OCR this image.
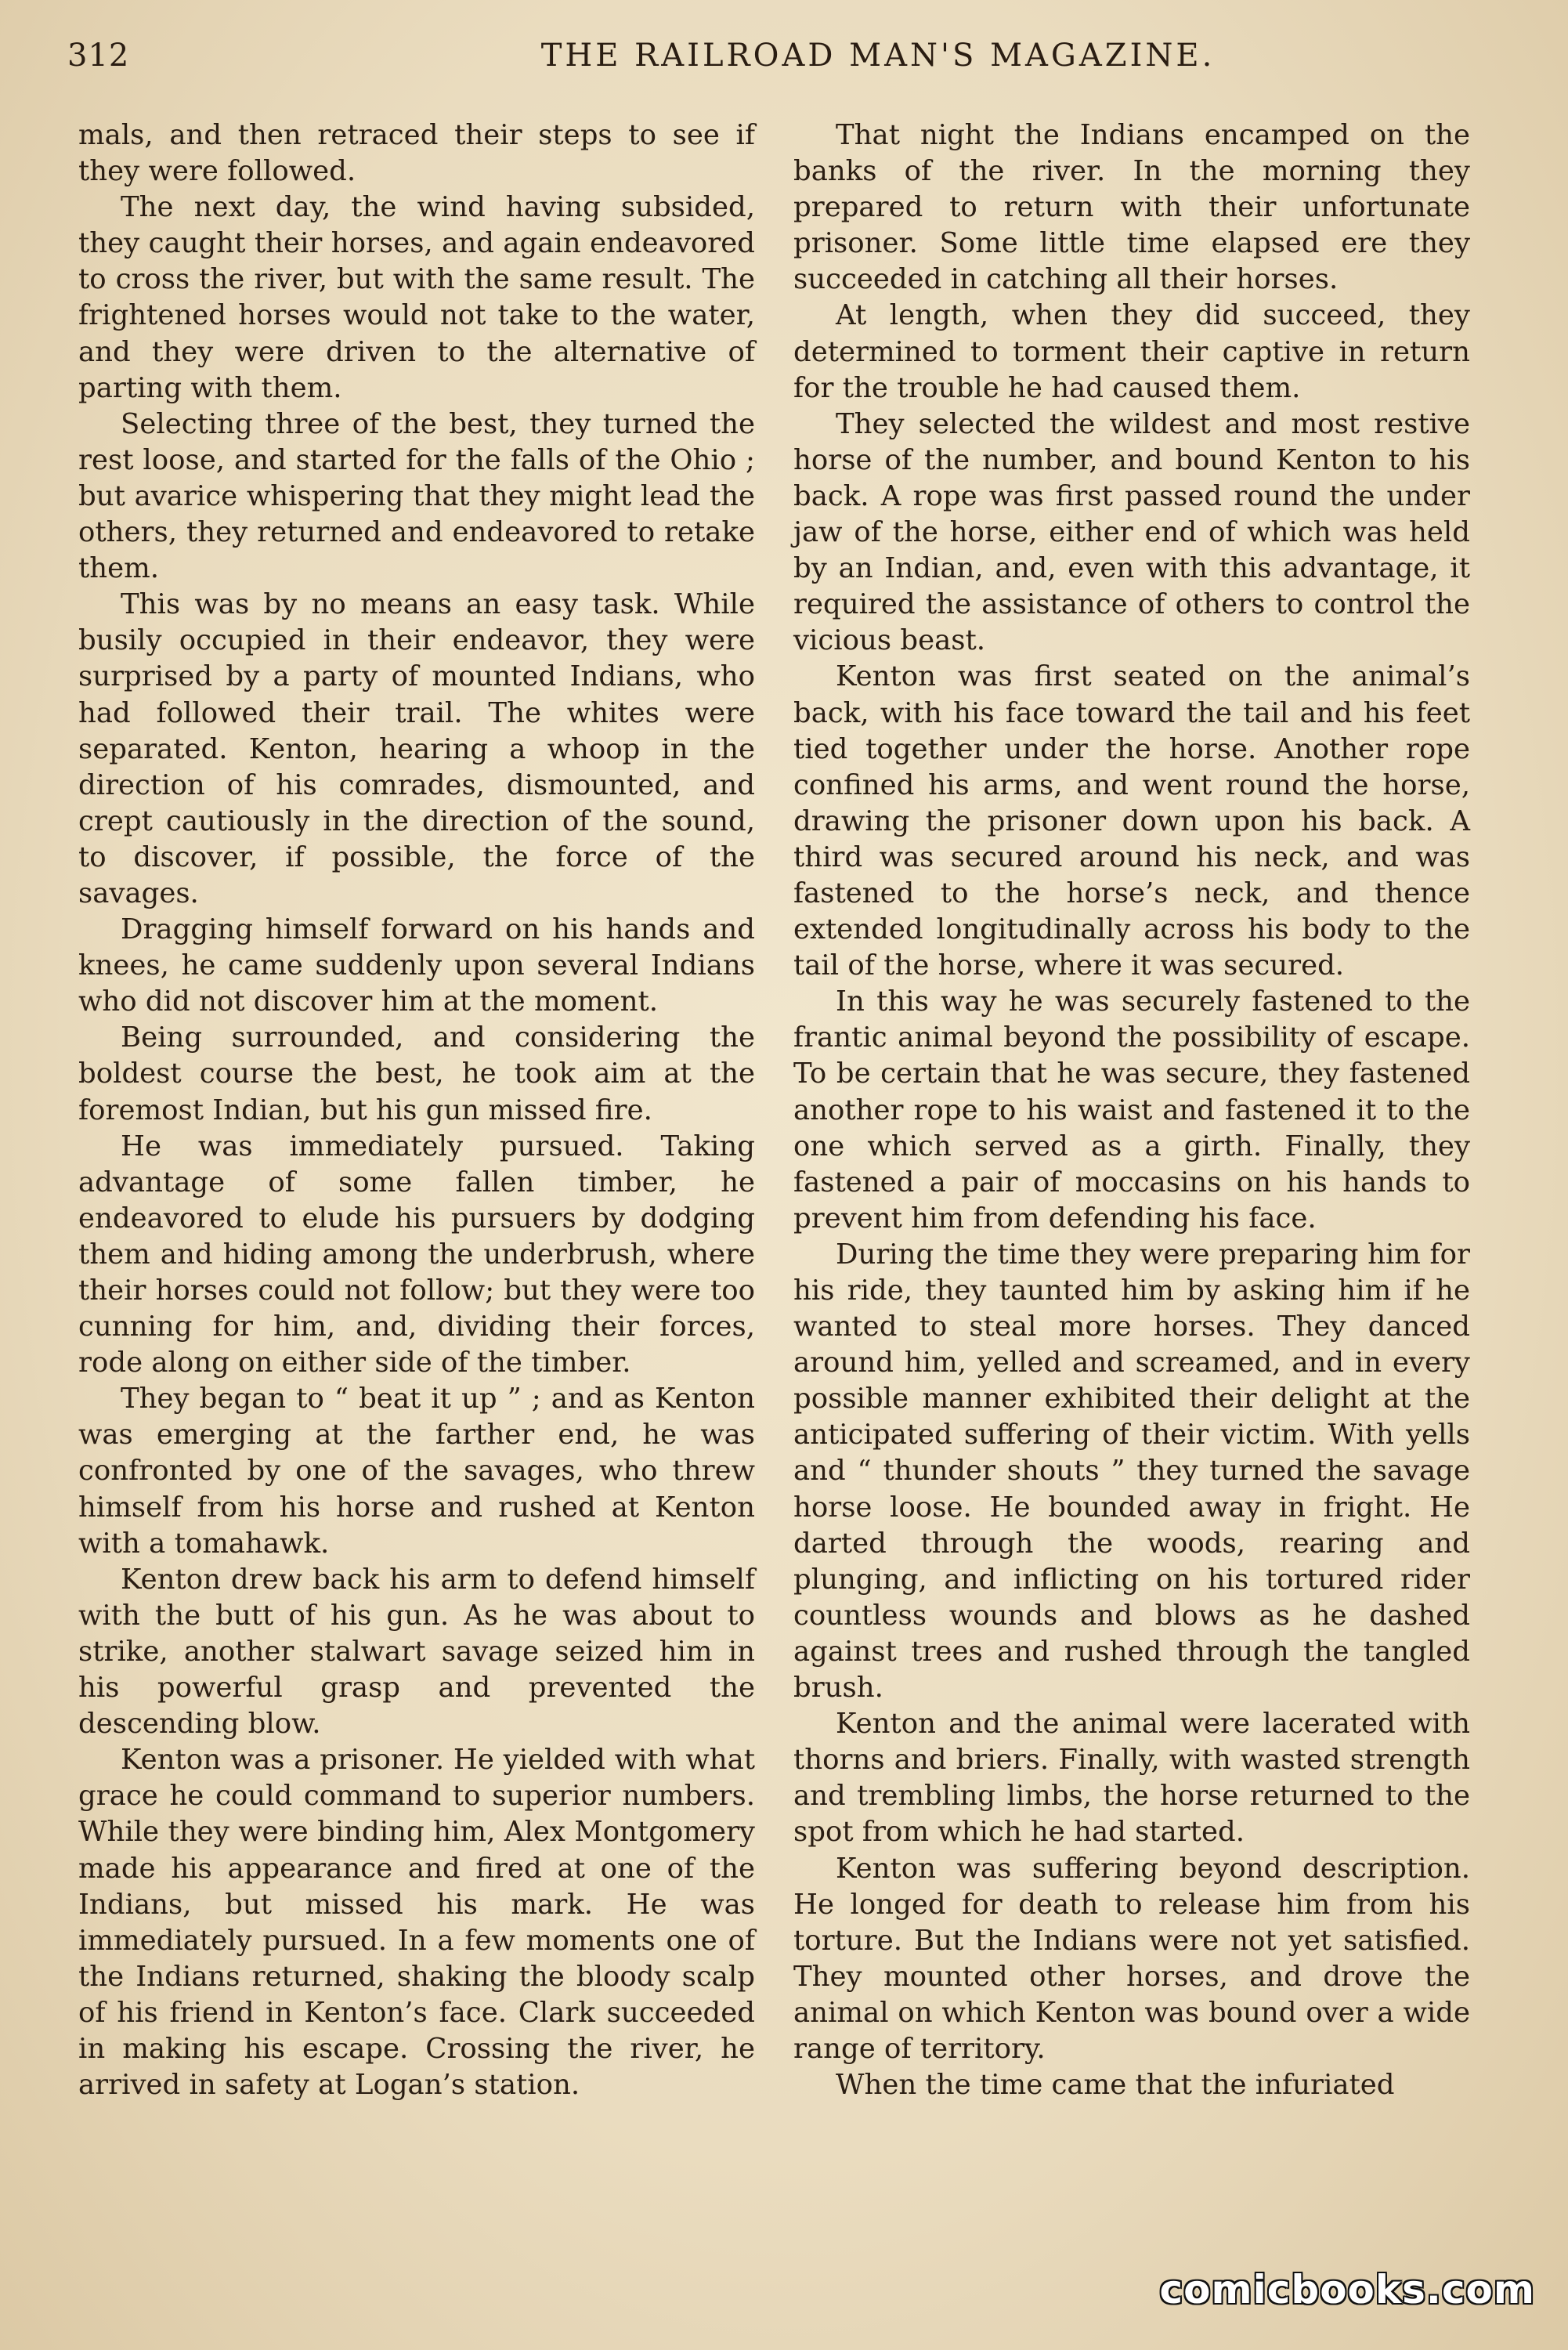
312	THE RAILROAD MAN'S MAGAZINE.

mals, and then retraced their steps to see if they were followed.

The next day, the wind having subsided, they caught their horses, and again endeavored to cross the river, but with the same result. The frightened horses would not take to the water, and they were driven to the alternative of parting with them.

Selecting three of the best, they turned the rest loose, and started for the falls of the Ohio ; but avarice whispering that they might lead the others, they returned and endeavored to retake them.

This was by no means an easy task. While busily occupied in their endeavor, they were surprised by a party of mounted Indians, who had followed their trail. The whites were separated. Kenton, hearing a whoop in the direction of his comrades, dismounted, and crept cautiously in the direction of the sound, to discover, if possible, the force of the savages.

Dragging himself forward on his hands and knees, he came suddenly upon several Indians who did not discover him at the moment.

Being surrounded, and considering the boldest course the best, he took aim at the foremost Indian, but his gun missed fire.

He was immediately pursued. Taking advantage of some fallen timber, he endeavored to elude his pursuers by dodging them and hiding among the underbrush, where their horses could not follow; but they were too cunning for him, and, dividing their forces, rode along on either side of the timber.

They began to “ beat it up ” ; and as Kenton was emerging at the farther end, he was confronted by one of the savages, who threw himself from his horse and rushed at Kenton with a tomahawk.

Kenton drew back his arm to defend himself with the butt of his gun. As he was about to strike, another stalwart savage seized him in his powerful grasp and prevented the descending blow.

Kenton was a prisoner. He yielded with what grace he could command to superior numbers. While they were binding him, Alex Montgomery made his appearance and fired at one of the Indians, but missed his mark. He was immediately pursued. In a few moments one of the Indians returned, shaking the bloody scalp of his friend in Kenton’s face. Clark succeeded in making his escape. Crossing the river, he arrived in safety at Logan’s station.

That night the Indians encamped on the banks of the river. In the morning they prepared to return with their unfortunate prisoner. Some little time elapsed ere they succeeded in catching all their horses.

At length, when they did succeed, they determined to torment their captive in return for the trouble he had caused them.

They selected the wildest and most restive horse of the number, and bound Kenton to his back. A rope was first passed round the under jaw of the horse, either end of which was held by an Indian, and, even with this advantage, it required the assistance of others to control the vicious beast.

Kenton was first seated on the animal’s back, with his face toward the tail and his feet tied together under the horse. Another rope confined his arms, and went round the horse, drawing the prisoner down upon his back. A third was secured around his neck, and was fastened to the horse’s neck, and thence extended longitudinally across his body to the tail of the horse, where it was secured.

In this way he was securely fastened to the frantic animal beyond the possibility of escape. To be certain that he was secure, they fastened another rope to his waist and fastened it to the one which served as a girth. Finally, they fastened a pair of moccasins on his hands to prevent him from defending his face.

During the time they were preparing him for his ride, they taunted him by asking him if he wanted to steal more horses. They danced around him, yelled and screamed, and in every possible manner exhibited their delight at the anticipated suffering of their victim. With yells and “ thunder shouts ” they turned the savage horse loose. He bounded away in fright. He darted through the woods, rearing and plunging, and inflicting on his tortured rider countless wounds and blows as he dashed against trees and rushed through the tangled brush.

Kenton and the animal were lacerated with thorns and briers. Finally, with wasted strength and trembling limbs, the horse returned to the spot from which he had started.

Kenton was suffering beyond description. He longed for death to release him from his torture. But the Indians were not yet satisfied. They mounted other horses, and drove the animal on which Kenton was bound over a wide range of territory.

When the time came that the infuriated

comicbooks.com
